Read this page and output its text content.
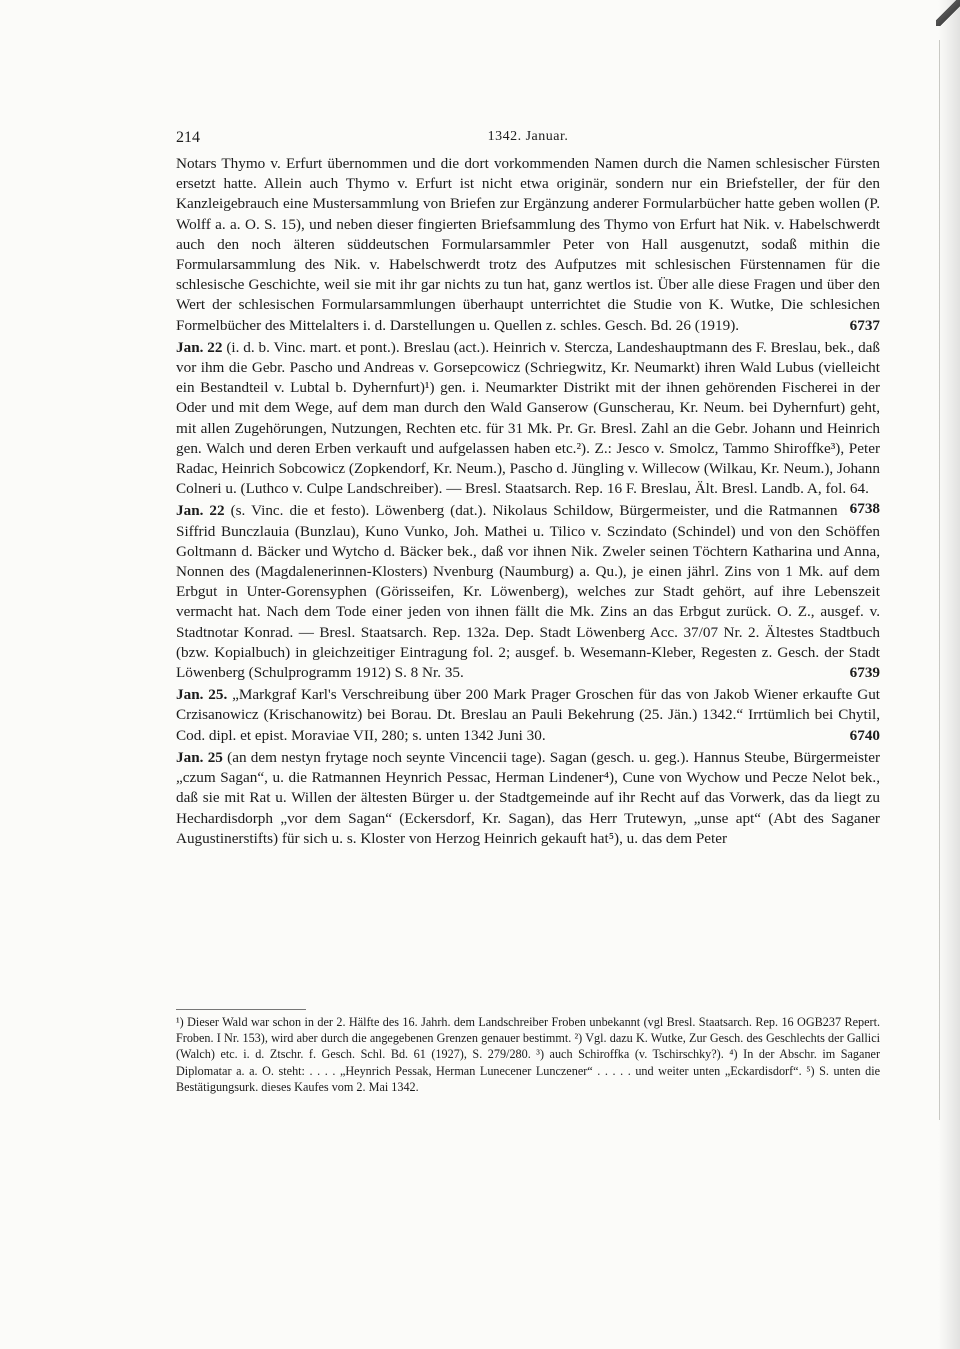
214	1342. Januar.

Notars Thymo v. Erfurt übernommen und die dort vorkommenden Namen durch die Namen schlesischer Fürsten ersetzt hatte. Allein auch Thymo v. Erfurt ist nicht etwa originär, sondern nur ein Briefsteller, der für den Kanzleigebrauch eine Mustersammlung von Briefen zur Ergänzung anderer Formularbücher hatte geben wollen (P. Wolff a. a. O. S. 15), und neben dieser fingierten Briefsammlung des Thymo von Erfurt hat Nik. v. Habelschwerdt auch den noch älteren süddeutschen Formularsammler Peter von Hall ausgenutzt, sodaß mithin die Formularsammlung des Nik. v. Habelschwerdt trotz des Aufputzes mit schlesischen Fürstennamen für die schlesische Geschichte, weil sie mit ihr gar nichts zu tun hat, ganz wertlos ist. Über alle diese Fragen und über den Wert der schlesischen Formularsammlungen überhaupt unterrichtet die Studie von K. Wutke, Die schlesichen Formelbücher des Mittelalters i. d. Darstellungen u. Quellen z. schles. Gesch. Bd. 26 (1919).	6737

Jan. 22 (i. d. b. Vinc. mart. et pont.). Breslau (act.). Heinrich v. Stercza, Landeshauptmann des F. Breslau, bek., daß vor ihm die Gebr. Pascho und Andreas v. Gorsepcowicz (Schriegwitz, Kr. Neumarkt) ihren Wald Lubus (vielleicht ein Bestandteil v. Lubtal b. Dyhernfurt)¹) gen. i. Neumarkter Distrikt mit der ihnen gehörenden Fischerei in der Oder und mit dem Wege, auf dem man durch den Wald Ganserow (Gunscherau, Kr. Neum. bei Dyhernfurt) geht, mit allen Zugehörungen, Nutzungen, Rechten etc. für 31 Mk. Pr. Gr. Bresl. Zahl an die Gebr. Johann und Heinrich gen. Walch und deren Erben verkauft und aufgelassen haben etc.²). Z.: Jesco v. Smolcz, Tammo Shiroffke³), Peter Radac, Heinrich Sobcowicz (Zopkendorf, Kr. Neum.), Pascho d. Jüngling v. Willecow (Wilkau, Kr. Neum.), Johann Colneri u. (Luthco v. Culpe Landschreiber). — Bresl. Staatsarch. Rep. 16 F. Breslau, Ält. Bresl. Landb. A, fol. 64.
6738

Jan. 22 (s. Vinc. die et festo). Löwenberg (dat.). Nikolaus Schildow, Bürgermeister, und die Ratmannen Siffrid Bunczlauia (Bunzlau), Kuno Vunko, Joh. Mathei u. Tilico v. Sczindato (Schindel) und von den Schöffen Goltmann d. Bäcker und Wytcho d. Bäcker bek., daß vor ihnen Nik. Zweler seinen Töchtern Katharina und Anna, Nonnen des (Magdalenerinnen-Klosters) Nvenburg (Naumburg) a. Qu.), je einen jährl. Zins von 1 Mk. auf dem Erbgut in Unter-Gorensyphen (Görisseifen, Kr. Löwenberg), welches zur Stadt gehört, auf ihre Lebenszeit vermacht hat. Nach dem Tode einer jeden von ihnen fällt die Mk. Zins an das Erbgut zurück. O. Z., ausgef. v. Stadtnotar Konrad. — Bresl. Staatsarch. Rep. 132a. Dep. Stadt Löwenberg Acc. 37/07 Nr. 2. Ältestes Stadtbuch (bzw. Kopialbuch) in gleichzeitiger Eintragung fol. 2; ausgef. b. Wesemann-Kleber, Regesten z. Gesch. der Stadt Löwenberg (Schulprogramm 1912) S. 8 Nr. 35.	6739

Jan. 25. „Markgraf Karl's Verschreibung über 200 Mark Prager Groschen für das von Jakob Wiener erkaufte Gut Crzisanowicz (Krischanowitz) bei Borau. Dt. Breslau an Pauli Bekehrung (25. Jän.) 1342.“ Irrtümlich bei Chytil, Cod. dipl. et epist. Moraviae VII, 280; s. unten 1342 Juni 30.	6740

Jan. 25 (an dem nestyn frytage noch seynte Vincencii tage). Sagan (gesch. u. geg.). Hannus Steube, Bürgermeister „czum Sagan“, u. die Ratmannen Heynrich Pessac, Herman Lindener⁴), Cune von Wychow und Pecze Nelot bek., daß sie mit Rat u. Willen der ältesten Bürger u. der Stadtgemeinde auf ihr Recht auf das Vorwerk, das da liegt zu Hechardisdorph „vor dem Sagan“ (Eckersdorf, Kr. Sagan), das Herr Trutewyn, „unse apt“ (Abt des Saganer Augustinerstifts) für sich u. s. Kloster von Herzog Heinrich gekauft hat⁵), u. das dem Peter

¹) Dieser Wald war schon in der 2. Hälfte des 16. Jahrh. dem Landschreiber Froben unbekannt (vgl Bresl. Staatsarch. Rep. 16 OGB237 Repert. Froben. I Nr. 153), wird aber durch die angegebenen Grenzen genauer bestimmt. ²) Vgl. dazu K. Wutke, Zur Gesch. des Geschlechts der Gallici (Walch) etc. i. d. Ztschr. f. Gesch. Schl. Bd. 61 (1927), S. 279/280. ³) auch Schiroffka (v. Tschirschky?). ⁴) In der Abschr. im Saganer Diplomatar a. a. O. steht: . . . . „Heynrich Pessak, Herman Lunecener Lunczener“ . . . . . und weiter unten „Eckardisdorf“. ⁵) S. unten die Bestätigungsurk. dieses Kaufes vom 2. Mai 1342.
